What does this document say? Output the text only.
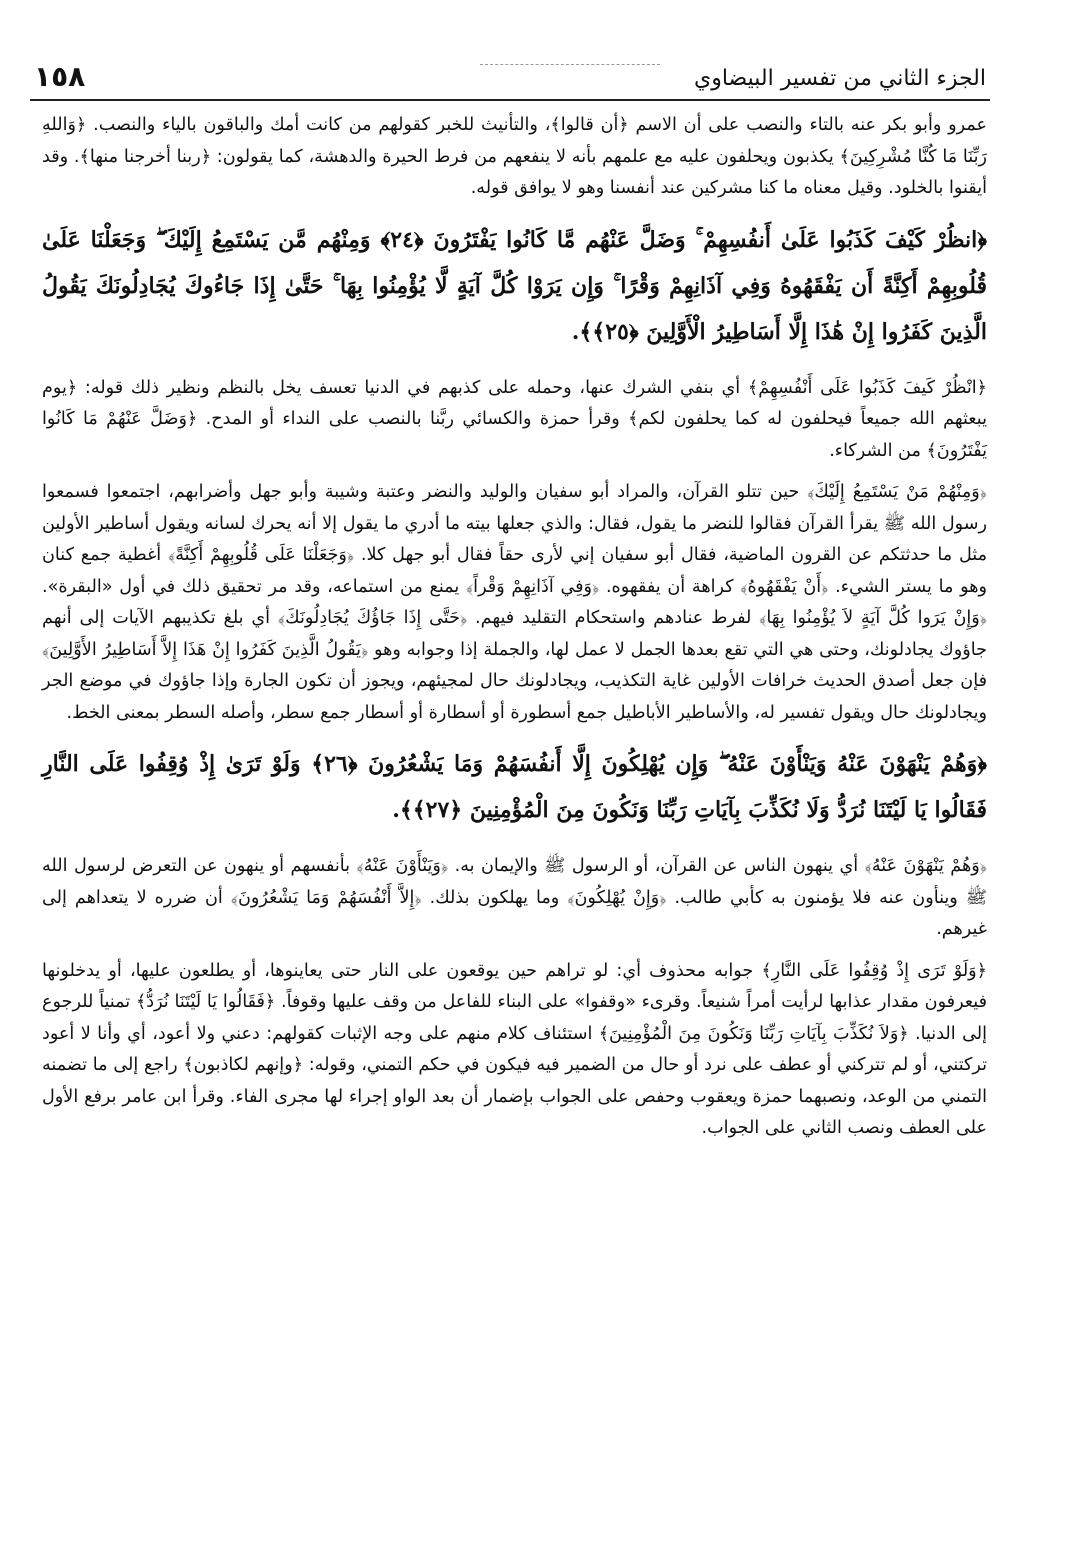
١٥٨	الجزء الثاني من تفسير البيضاوي

عمرو وأبو بكر عنه بالتاء والنصب على أن الاسم ﴿أن قالوا﴾، والتأنيث للخبر كقولهم من كانت أمك والباقون بالياء والنصب. ﴿وَاللهِ رَبِّنَا مَا كُنَّا مُشْرِكِينَ﴾ يكذبون ويحلفون عليه مع علمهم بأنه لا ينفعهم من فرط الحيرة والدهشة، كما يقولون: ﴿ربنا أخرجنا منها﴾. وقد أيقنوا بالخلود. وقيل معناه ما كنا مشركين عند أنفسنا وهو لا يوافق قوله.

﴿انظُرْ كَيْفَ كَذَبُوا عَلَىٰ أَنفُسِهِمْ ۚ وَضَلَّ عَنْهُم مَّا كَانُوا يَفْتَرُونَ ﴿٢٤﴾ وَمِنْهُم مَّن يَسْتَمِعُ إِلَيْكَ ۖ وَجَعَلْنَا عَلَىٰ قُلُوبِهِمْ أَكِنَّةً أَن يَفْقَهُوهُ وَفِي آذَانِهِمْ وَقْرًا ۚ وَإِن يَرَوْا كُلَّ آيَةٍ لَّا يُؤْمِنُوا بِهَا ۚ حَتَّىٰ إِذَا جَاءُوكَ يُجَادِلُونَكَ يَقُولُ الَّذِينَ كَفَرُوا إِنْ هَٰذَا إِلَّا أَسَاطِيرُ الْأَوَّلِينَ ﴿٢٥﴾﴾.

﴿انْظُرْ كَيفَ كَذَبُوا عَلَى أَنْفُسِهِمْ﴾ أي بنفي الشرك عنها، وحمله على كذبهم في الدنيا تعسف يخل بالنظم ونظير ذلك قوله: ﴿يوم يبعثهم الله جميعاً فيحلفون له كما يحلفون لكم﴾ وقرأ حمزة والكسائي ربَّنا بالنصب على النداء أو المدح. ﴿وَضَلَّ عَنْهُمْ مَا كَانُوا يَفْتَرُونَ﴾ من الشركاء.

﴿وَمِنْهُمْ مَنْ يَسْتَمِعُ إِلَيْكَ﴾ حين تتلو القرآن، والمراد أبو سفيان والوليد والنضر وعتبة وشيبة وأبو جهل وأضرابهم، اجتمعوا فسمعوا رسول الله ﷺ يقرأ القرآن فقالوا للنضر ما يقول، فقال: والذي جعلها بيته ما أدري ما يقول إلا أنه يحرك لسانه ويقول أساطير الأولين مثل ما حدثتكم عن القرون الماضية، فقال أبو سفيان إني لأرى حقاً فقال أبو جهل كلا. ﴿وَجَعَلْنَا عَلَى قُلُوبِهِمْ أَكِنَّةً﴾ أغطية جمع كنان وهو ما يستر الشيء. ﴿أَنْ يَفْقَهُوهُ﴾ كراهة أن يفقهوه. ﴿وَفِي آذَانِهِمْ وَقْراً﴾ يمنع من استماعه، وقد مر تحقيق ذلك في أول «البقرة». ﴿وَإِنْ يَرَوا كُلَّ آيَةٍ لاَ يُؤْمِنُوا بِهَا﴾ لفرط عنادهم واستحكام التقليد فيهم. ﴿حَتَّى إِذَا جَاؤُكَ يُجَادِلُونَكَ﴾ أي بلغ تكذيبهم الآيات إلى أنهم جاؤوك يجادلونك، وحتى هي التي تقع بعدها الجمل لا عمل لها، والجملة إذا وجوابه وهو ﴿يَقُولُ الَّذِينَ كَفَرُوا إِنْ هَذَا إِلاَّ أَسَاطِيرُ الأَوَّلِينَ﴾ فإن جعل أصدق الحديث خرافات الأولين غاية التكذيب، ويجادلونك حال لمجيئهم، ويجوز أن تكون الجارة وإذا جاؤوك في موضع الجر ويجادلونك حال ويقول تفسير له، والأساطير الأباطيل جمع أسطورة أو أسطارة أو أسطار جمع سطر، وأصله السطر بمعنى الخط.

﴿وَهُمْ يَنْهَوْنَ عَنْهُ وَيَنْأَوْنَ عَنْهُ ۖ وَإِن يُهْلِكُونَ إِلَّا أَنفُسَهُمْ وَمَا يَشْعُرُونَ ﴿٢٦﴾ وَلَوْ تَرَىٰ إِذْ وُقِفُوا عَلَى النَّارِ فَقَالُوا يَا لَيْتَنَا نُرَدُّ وَلَا نُكَذِّبَ بِآيَاتِ رَبِّنَا وَنَكُونَ مِنَ الْمُؤْمِنِينَ ﴿٢٧﴾﴾.

﴿وَهُمْ يَنْهَوْنَ عَنْهُ﴾ أي ينهون الناس عن القرآن، أو الرسول ﷺ والإيمان به. ﴿وَيَنْأَوْنَ عَنْهُ﴾ بأنفسهم أو ينهون عن التعرض لرسول الله ﷺ وينأون عنه فلا يؤمنون به كأبي طالب. ﴿وَإِنْ يُهْلِكُونَ﴾ وما يهلكون بذلك. ﴿إِلاَّ أَنْفُسَهُمْ وَمَا يَشْعُرُونَ﴾ أن ضرره لا يتعداهم إلى غيرهم.

﴿وَلَوْ تَرَى إِذْ وُقِفُوا عَلَى النَّارِ﴾ جوابه محذوف أي: لو تراهم حين يوقعون على النار حتى يعاينوها، أو يطلعون عليها، أو يدخلونها فيعرفون مقدار عذابها لرأيت أمراً شنيعاً. وقرىء «وقفوا» على البناء للفاعل من وقف عليها وقوفاً. ﴿فَقَالُوا يَا لَيْتَنَا نُرَدُّ﴾ تمنياً للرجوع إلى الدنيا. ﴿وَلاَ نُكَذِّبَ بِآيَاتِ رَبِّنَا وَنَكُونَ مِنَ الْمُؤْمِنِينَ﴾ استئناف كلام منهم على وجه الإثبات كقولهم: دعني ولا أعود، أي وأنا لا أعود تركتني، أو لم تتركني أو عطف على نرد أو حال من الضمير فيه فيكون في حكم التمني، وقوله: ﴿وإنهم لكاذبون﴾ راجع إلى ما تضمنه التمني من الوعد، ونصبهما حمزة ويعقوب وحفص على الجواب بإضمار أن بعد الواو إجراء لها مجرى الفاء. وقرأ ابن عامر برفع الأول على العطف ونصب الثاني على الجواب.
